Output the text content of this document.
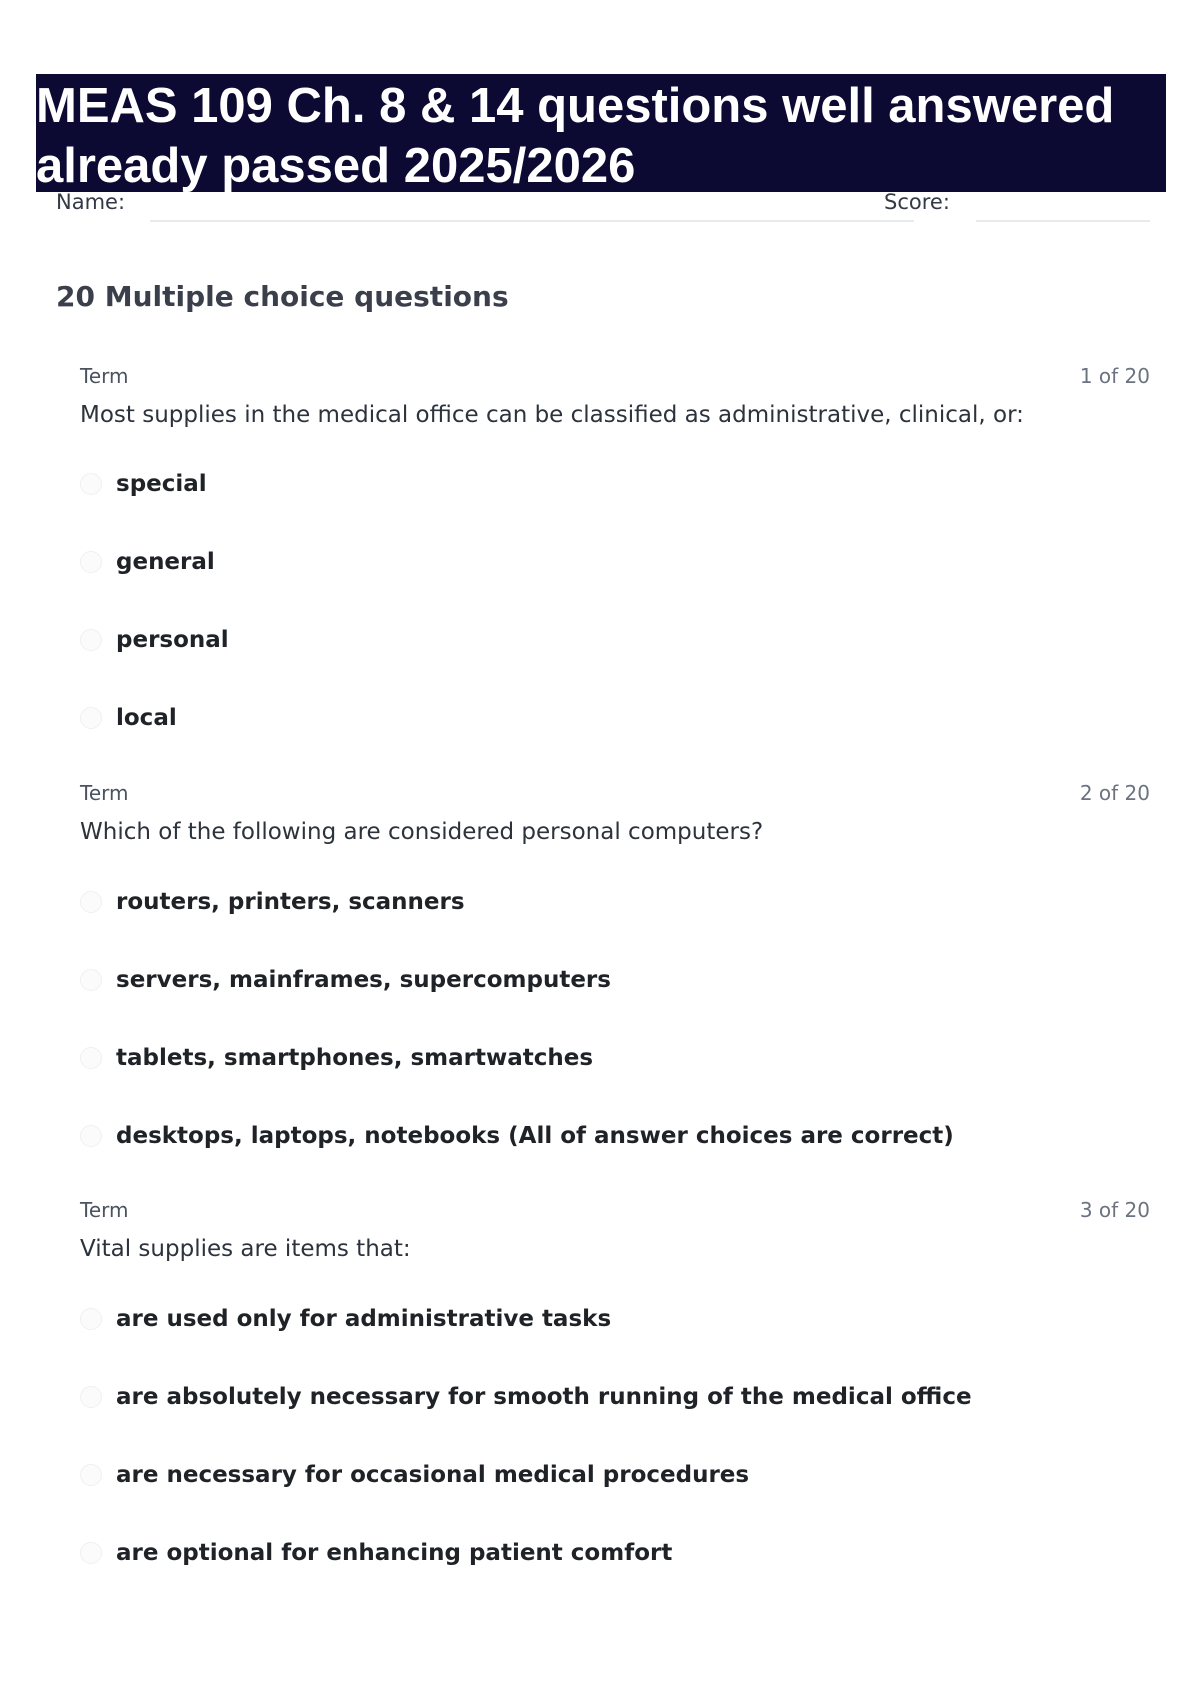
MEAS 109 Ch. 8 & 14 questions well answered already passed 2025/2026
Name:	Score:
20 Multiple choice questions
Term	1 of 20
Most supplies in the medical office can be classified as administrative, clinical, or:
special
general
personal
local
Term	2 of 20
Which of the following are considered personal computers?
routers, printers, scanners
servers, mainframes, supercomputers
tablets, smartphones, smartwatches
desktops, laptops, notebooks (All of answer choices are correct)
Term	3 of 20
Vital supplies are items that:
are used only for administrative tasks
are absolutely necessary for smooth running of the medical office
are necessary for occasional medical procedures
are optional for enhancing patient comfort
